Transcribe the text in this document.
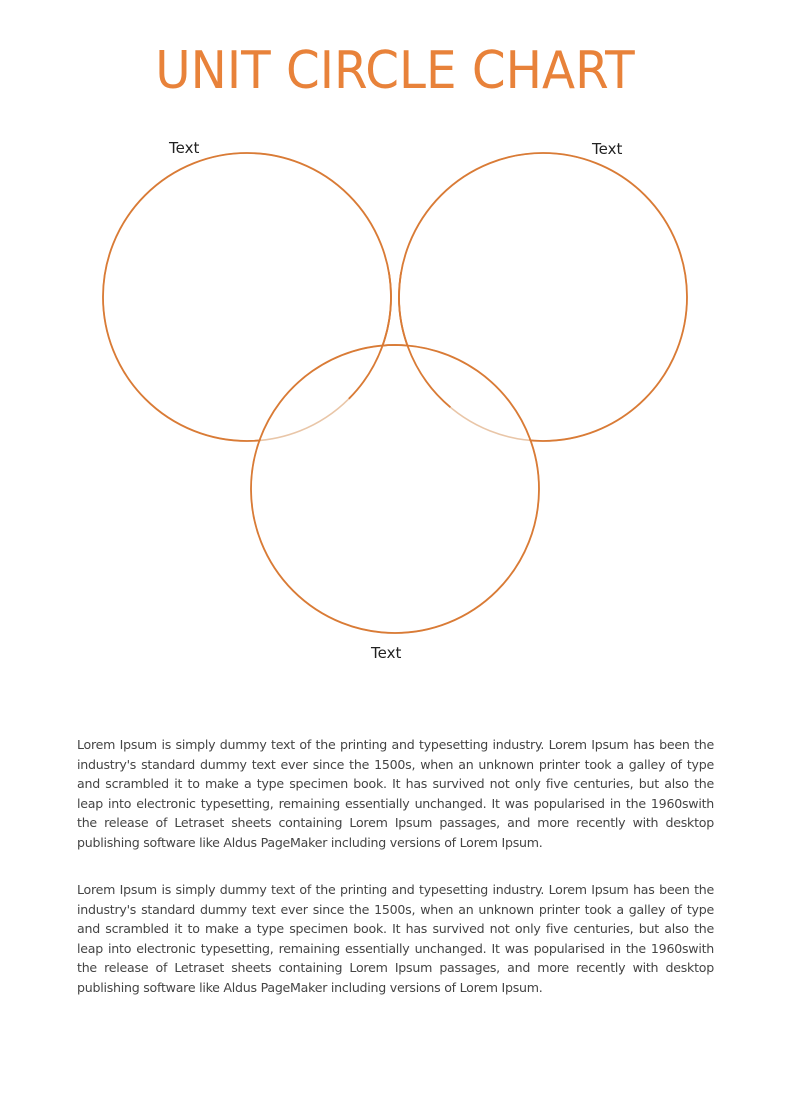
UNIT CIRCLE CHART
Text	Text
Text

Lorem Ipsum is simply dummy text of the printing and typesetting industry. Lorem Ipsum has been the industry's standard dummy text ever since the 1500s, when an unknown printer took a galley of type and scrambled it to make a type specimen book. It has survived not only five centuries, but also the leap into electronic typesetting, remaining essentially unchanged. It was popularised in the 1960swith the release of Letraset sheets containing Lorem Ipsum passages, and more recently with desktop publishing software like Aldus PageMaker including versions of Lorem Ipsum.

Lorem Ipsum is simply dummy text of the printing and typesetting industry. Lorem Ipsum has been the industry's standard dummy text ever since the 1500s, when an unknown printer took a galley of type and scrambled it to make a type specimen book. It has survived not only five centuries, but also the leap into electronic typesetting, remaining essentially unchanged. It was popularised in the 1960swith the release of Letraset sheets containing Lorem Ipsum passages, and more recently with desktop publishing software like Aldus PageMaker including versions of Lorem Ipsum.
